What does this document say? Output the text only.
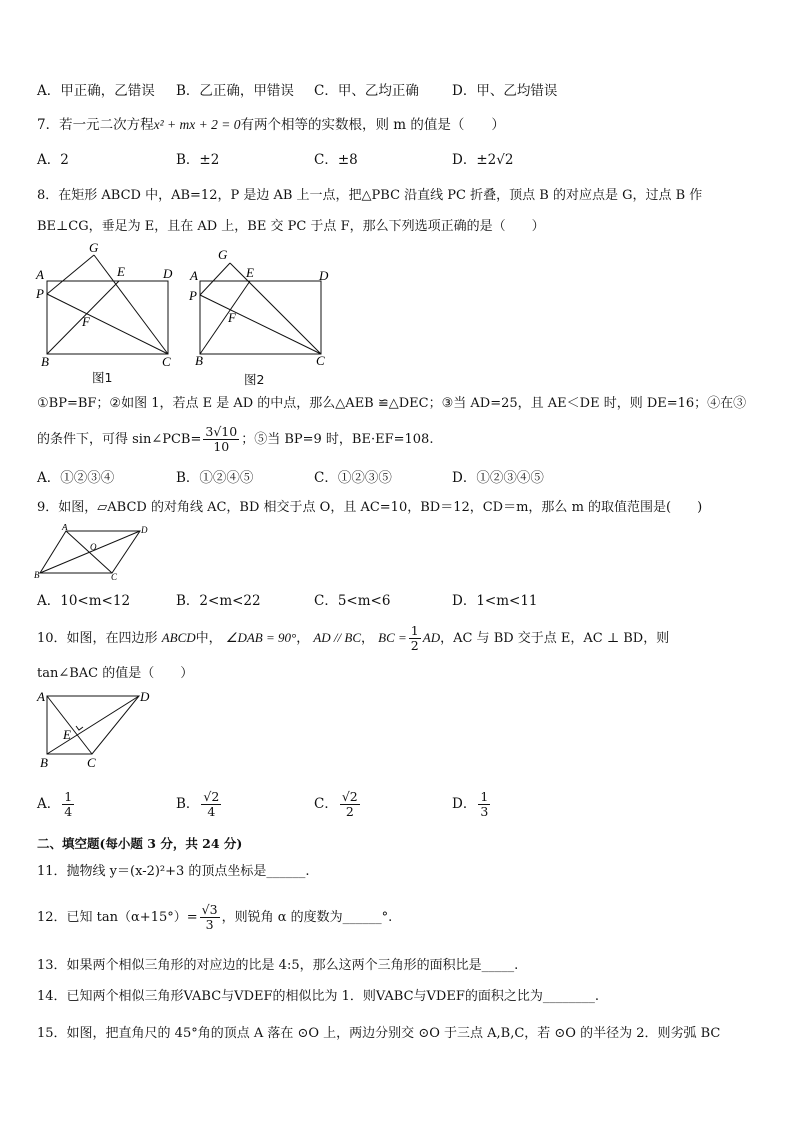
A．甲正确，乙错误 B．乙正确，甲错误 C．甲、乙均正确 D．甲、乙均错误
7．若一元二次方程x² + mx + 2 = 0有两个相等的实数根，则 m 的值是（　　）
A．2	B．±2	C．±8	D．±2√2
8．在矩形 ABCD 中，AB=12，P 是边 AB 上一点，把△PBC 沿直线 PC 折叠，顶点 B 的对应点是 G，过点 B 作
BE⊥CG，垂足为 E，且在 AD 上，BE 交 PC 于点 F，那么下列选项正确的是（　　）
A
P
G
E	D
F
B	C
图1
A
P
G
E	D
F
B	C
图2
①BP=BF；②如图 1，若点 E 是 AD 的中点，那么△AEB ≌△DEC；③当 AD=25，且 AE＜DE 时，则 DE=16；④在③
的条件下，可得 sin∠PCB= $\frac{3√10}{10}$ ；⑤当 BP=9 时，BE·EF=108.
A．①②③④	B．①②④⑤	C．①②③⑤	D．①②③④⑤
9．如图，▱ABCD 的对角线 AC，BD 相交于点 O，且 AC=10，BD＝12，CD＝m，那么 m 的取值范围是(　　)
A	D
O
B	C
A．10<m<12	B．2<m<22	C．5<m<6	D．1<m<11
10．如图，在四边形 ABCD中， ∠DAB = 90°， AD // BC， BC = $\frac{1}{2}$ AD，AC 与 BD 交于点 E，AC ⊥ BD，则
tan∠BAC 的值是（　　）
A	D
E
B	C
A． $\frac{1}{4}$	B． $\frac{√2}{4}$	C． $\frac{√2}{2}$	D． $\frac{1}{3}$
二、填空题(每小题 3 分，共 24 分)
11．抛物线 y＝(x-2)²+3 的顶点坐标是______.
12．已知 $\tan(\alpha+15^\circ)= \frac{√3}{3}$ ，则锐角 α 的度数为______°.
13．如果两个相似三角形的对应边的比是 4:5，那么这两个三角形的面积比是_____.
14．已知两个相似三角形VABC与VDEF的相似比为 1．则VABC与VDEF的面积之比为________.
15．如图，把直角尺的 45°角的顶点 A 落在 ⊙O 上，两边分别交 ⊙O 于三点 A,B,C，若 ⊙O 的半径为 2．则劣弧 BC
